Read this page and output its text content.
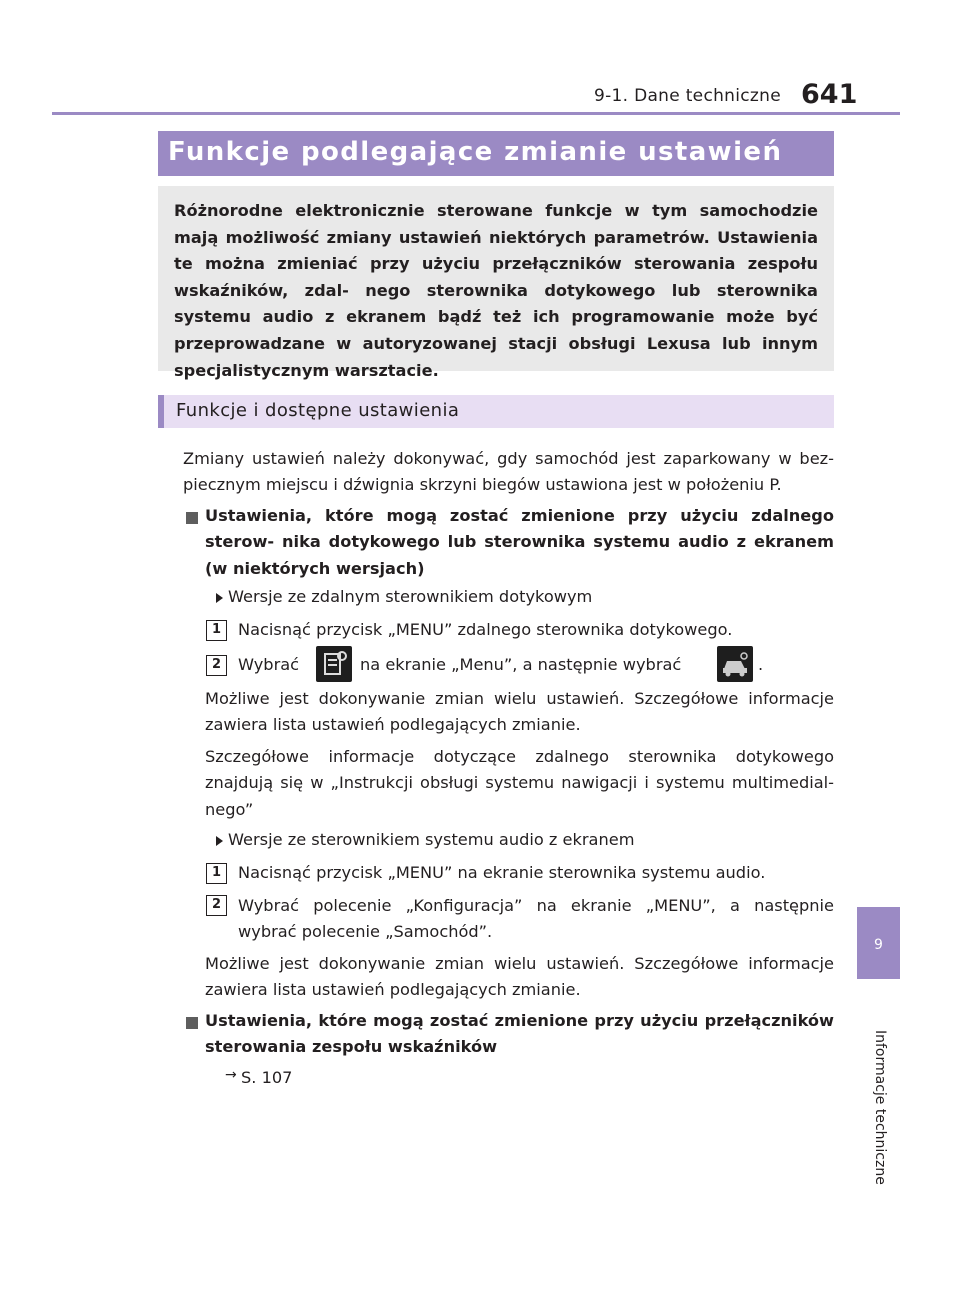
9-1. Dane techniczne 641
9
Informacje techniczne
Funkcje podlegające zmianie ustawień

Różnorodne elektronicznie sterowane funkcje w tym samochodzie mają możliwość zmiany ustawień niektórych parametrów. Ustawienia te można zmieniać przy użyciu przełączników sterowania zespołu wskaźników, zdal- nego sterownika dotykowego lub sterownika systemu audio z ekranem bądź też ich programowanie może być przeprowadzane w autoryzowanej stacji obsługi Lexusa lub innym specjalistycznym warsztacie.

Funkcje i dostępne ustawienia

Zmiany ustawień należy dokonywać, gdy samochód jest zaparkowany w bez- piecznym miejscu i dźwignia skrzyni biegów ustawiona jest w położeniu P.

Ustawienia, które mogą zostać zmienione przy użyciu zdalnego sterow- nika dotykowego lub sterownika systemu audio z ekranem (w niektórych wersjach)

Wersje ze zdalnym sterownikiem dotykowym
1	Nacisnąć przycisk „MENU” zdalnego sterownika dotykowego.
2	Wybrać	na ekranie „Menu”, a następnie wybrać	.

Możliwe jest dokonywanie zmian wielu ustawień. Szczegółowe informacje zawiera lista ustawień podlegających zmianie.

Szczegółowe informacje dotyczące zdalnego sterownika dotykowego znajdują się w „Instrukcji obsługi systemu nawigacji i systemu multimedial- nego”

Wersje ze sterownikiem systemu audio z ekranem
1	Nacisnąć przycisk „MENU” na ekranie sterownika systemu audio.
2	Wybrać polecenie „Konfiguracja” na ekranie „MENU”, a następnie wybrać polecenie „Samochód”.

Możliwe jest dokonywanie zmian wielu ustawień. Szczegółowe informacje zawiera lista ustawień podlegających zmianie.

Ustawienia, które mogą zostać zmienione przy użyciu przełączników sterowania zespołu wskaźników

→ S. 107
